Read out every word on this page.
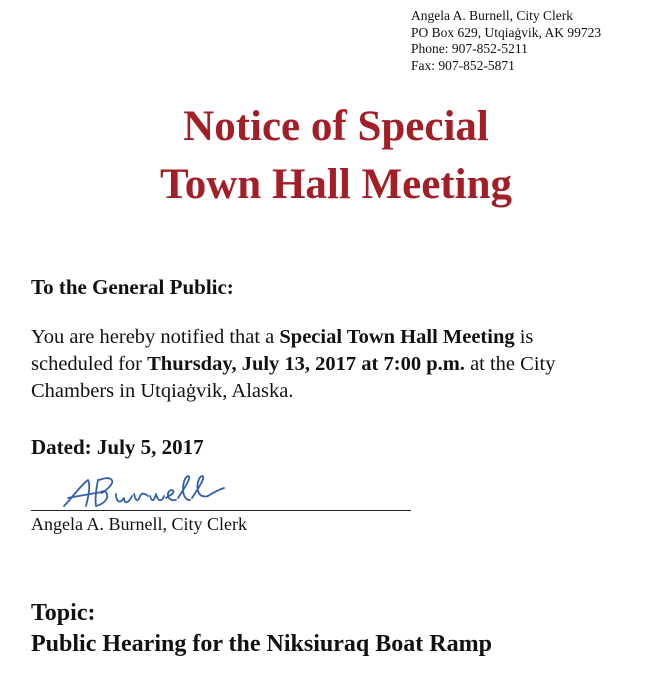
Angela A. Burnell, City Clerk
PO Box 629, Utqiaġvik, AK 99723
Phone: 907-852-5211
Fax: 907-852-5871
Notice of Special
Town Hall Meeting
To the General Public:
You are hereby notified that a Special Town Hall Meeting is
scheduled for Thursday, July 13, 2017 at 7:00 p.m. at the City
Chambers in Utqiaġvik, Alaska.
Dated: July 5, 2017
Angela A. Burnell, City Clerk
Topic:
Public Hearing for the Niksiuraq Boat Ramp
